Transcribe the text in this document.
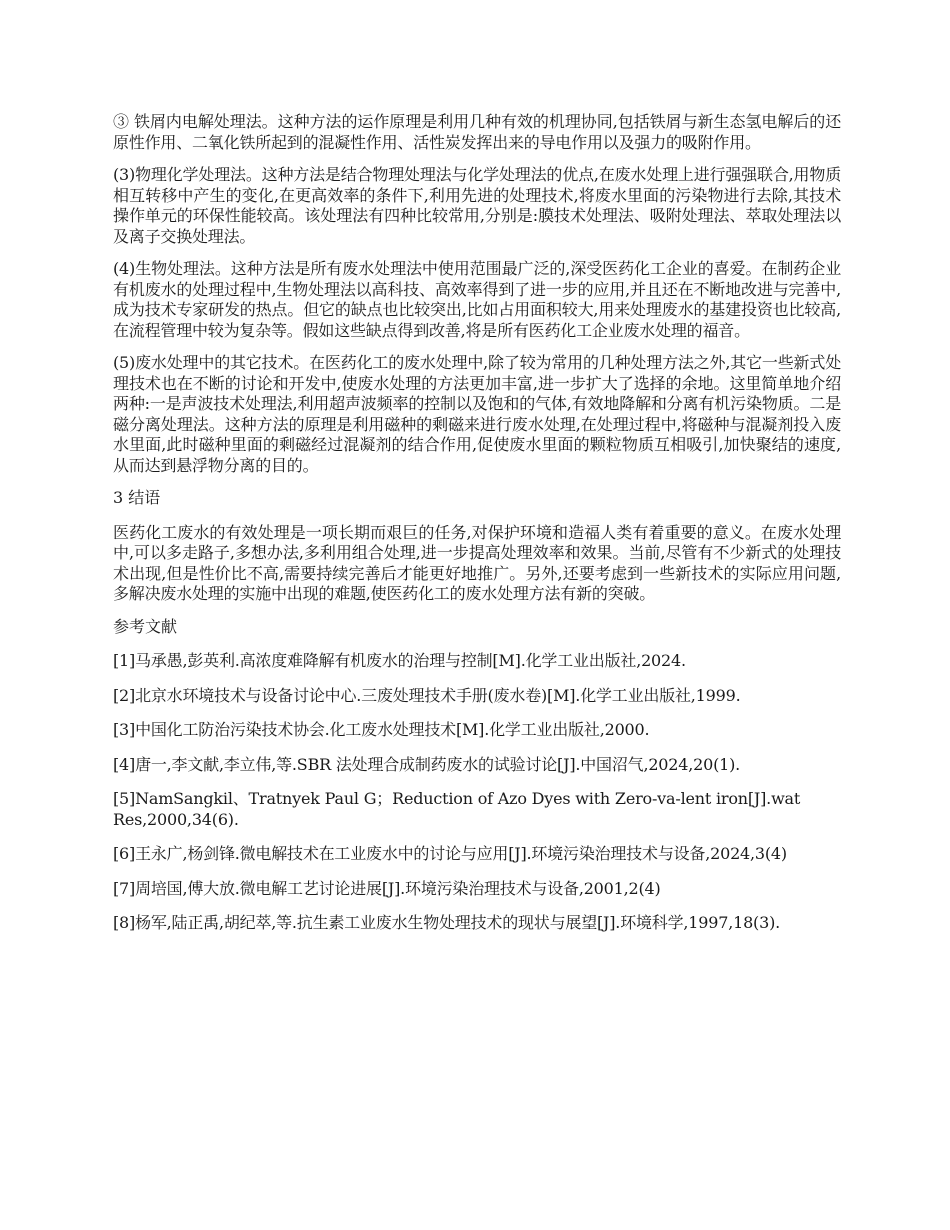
③ 铁屑内电解处理法。这种方法的运作原理是利用几种有效的机理协同,包括铁屑与新生态氢电解后的还原性作用、二氧化铁所起到的混凝性作用、活性炭发挥出来的导电作用以及强力的吸附作用。

(3)物理化学处理法。这种方法是结合物理处理法与化学处理法的优点,在废水处理上进行强强联合,用物质相互转移中产生的变化,在更高效率的条件下,利用先进的处理技术,将废水里面的污染物进行去除,其技术操作单元的环保性能较高。该处理法有四种比较常用,分别是:膜技术处理法、吸附处理法、萃取处理法以及离子交换处理法。

(4)生物处理法。这种方法是所有废水处理法中使用范围最广泛的,深受医药化工企业的喜爱。在制药企业有机废水的处理过程中,生物处理法以高科技、高效率得到了进一步的应用,并且还在不断地改进与完善中,成为技术专家研发的热点。但它的缺点也比较突出,比如占用面积较大,用来处理废水的基建投资也比较高,在流程管理中较为复杂等。假如这些缺点得到改善,将是所有医药化工企业废水处理的福音。

(5)废水处理中的其它技术。在医药化工的废水处理中,除了较为常用的几种处理方法之外,其它一些新式处理技术也在不断的讨论和开发中,使废水处理的方法更加丰富,进一步扩大了选择的余地。这里简单地介绍两种:一是声波技术处理法,利用超声波频率的控制以及饱和的气体,有效地降解和分离有机污染物质。二是磁分离处理法。这种方法的原理是利用磁种的剩磁来进行废水处理,在处理过程中,将磁种与混凝剂投入废水里面,此时磁种里面的剩磁经过混凝剂的结合作用,促使废水里面的颗粒物质互相吸引,加快聚结的速度,从而达到悬浮物分离的目的。

3 结语

医药化工废水的有效处理是一项长期而艰巨的任务,对保护环境和造福人类有着重要的意义。在废水处理中,可以多走路子,多想办法,多利用组合处理,进一步提高处理效率和效果。当前,尽管有不少新式的处理技术出现,但是性价比不高,需要持续完善后才能更好地推广。另外,还要考虑到一些新技术的实际应用问题,多解决废水处理的实施中出现的难题,使医药化工的废水处理方法有新的突破。

参考文献

[1]马承愚,彭英利.高浓度难降解有机废水的治理与控制[M].化学工业出版社,2024.

[2]北京水环境技术与设备讨论中心.三废处理技术手册(废水卷)[M].化学工业出版社,1999.

[3]中国化工防治污染技术协会.化工废水处理技术[M].化学工业出版社,2000.

[4]唐一,李文献,李立伟,等.SBR 法处理合成制药废水的试验讨论[J].中国沼气,2024,20(1).

[5]NamSangkil、Tratnyek Paul G；Reduction of Azo Dyes with Zero-va-lent iron[J].wat Res,2000,34(6).

[6]王永广,杨剑锋.微电解技术在工业废水中的讨论与应用[J].环境污染治理技术与设备,2024,3(4)

[7]周培国,傅大放.微电解工艺讨论进展[J].环境污染治理技术与设备,2001,2(4)

[8]杨军,陆正禹,胡纪萃,等.抗生素工业废水生物处理技术的现状与展望[J].环境科学,1997,18(3).
